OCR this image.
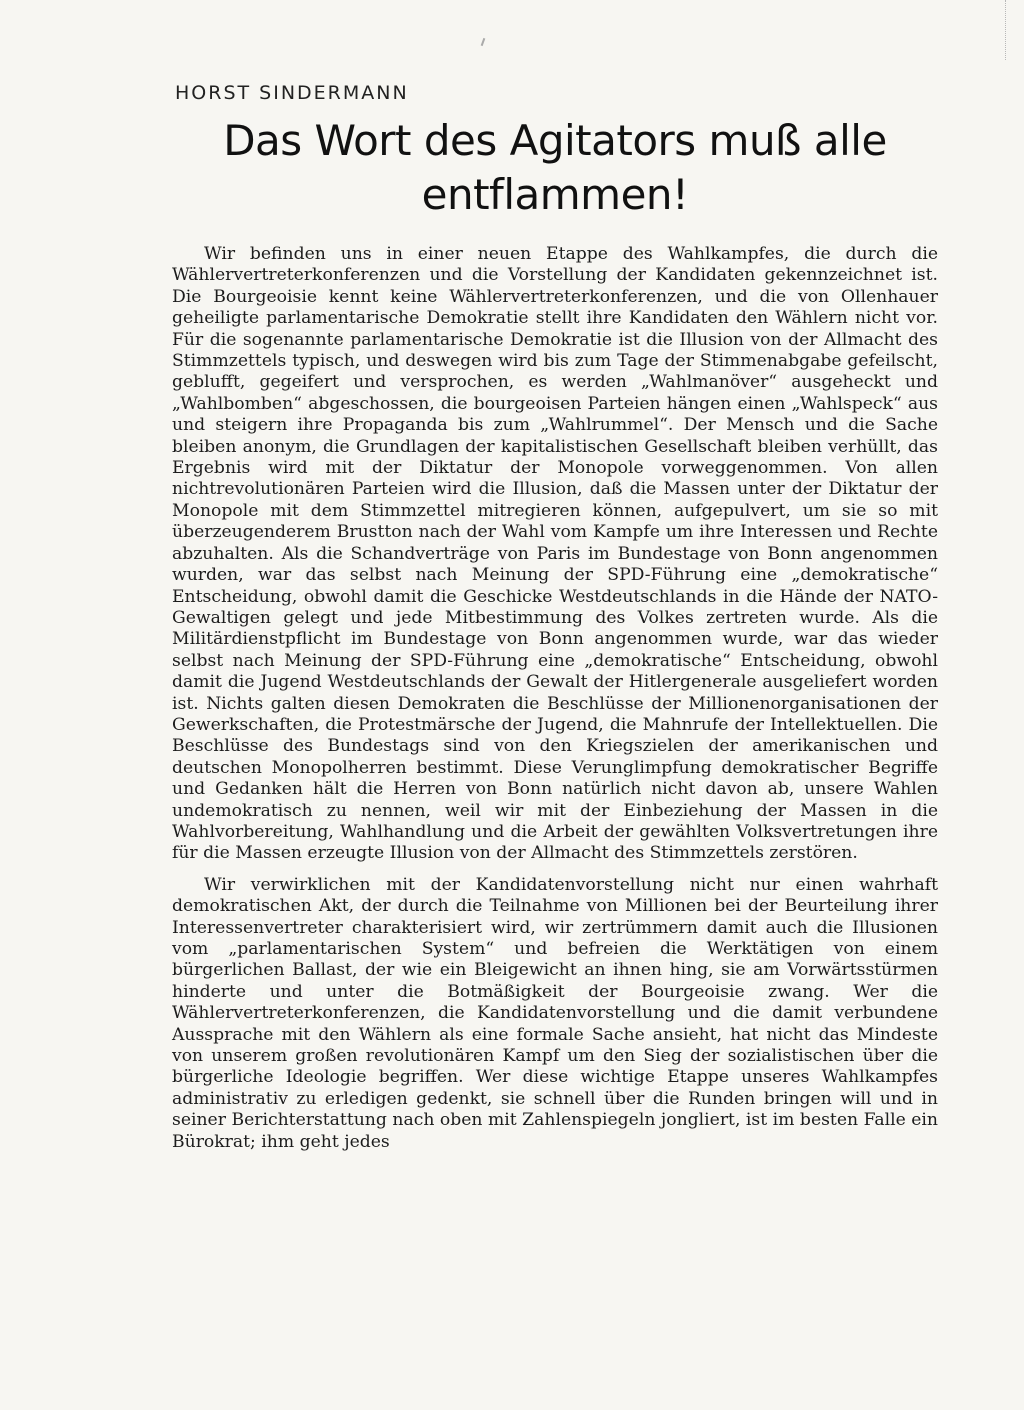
HORST SINDERMANN
Das Wort des Agitators muß alle entflammen!

Wir befinden uns in einer neuen Etappe des Wahlkampfes, die durch die Wählervertreterkonferenzen und die Vorstellung der Kandidaten gekennzeichnet ist. Die Bourgeoisie kennt keine Wählervertreterkonferenzen, und die von Ollenhauer geheiligte parlamentarische Demokratie stellt ihre Kandidaten den Wählern nicht vor. Für die sogenannte parlamentarische Demokratie ist die Illusion von der Allmacht des Stimmzettels typisch, und deswegen wird bis zum Tage der Stimmenabgabe gefeilscht, geblufft, gegeifert und versprochen, es werden „Wahlmanöver“ ausgeheckt und „Wahlbomben“ abgeschossen, die bourgeoisen Parteien hängen einen „Wahlspeck“ aus und steigern ihre Propaganda bis zum „Wahlrummel“. Der Mensch und die Sache bleiben anonym, die Grundlagen der kapitalistischen Gesellschaft bleiben verhüllt, das Ergebnis wird mit der Diktatur der Monopole vorweggenommen. Von allen nichtrevolutionären Parteien wird die Illusion, daß die Massen unter der Diktatur der Monopole mit dem Stimmzettel mitregieren können, aufgepulvert, um sie so mit überzeugenderem Brustton nach der Wahl vom Kampfe um ihre Interessen und Rechte abzuhalten. Als die Schandverträge von Paris im Bundestage von Bonn angenommen wurden, war das selbst nach Meinung der SPD-Führung eine „demokratische“ Entscheidung, obwohl damit die Geschicke Westdeutschlands in die Hände der NATO-Gewaltigen gelegt und jede Mitbestimmung des Volkes zertreten wurde. Als die Militärdienstpflicht im Bundestage von Bonn angenommen wurde, war das wieder selbst nach Meinung der SPD-Führung eine „demokratische“ Entscheidung, obwohl damit die Jugend Westdeutschlands der Gewalt der Hitlergenerale ausgeliefert worden ist. Nichts galten diesen Demokraten die Beschlüsse der Millionenorganisationen der Gewerkschaften, die Protestmärsche der Jugend, die Mahnrufe der Intellektuellen. Die Beschlüsse des Bundestags sind von den Kriegszielen der amerikanischen und deutschen Monopolherren bestimmt. Diese Verunglimpfung demokratischer Begriffe und Gedanken hält die Herren von Bonn natürlich nicht davon ab, unsere Wahlen undemokratisch zu nennen, weil wir mit der Einbeziehung der Massen in die Wahlvorbereitung, Wahlhandlung und die Arbeit der gewählten Volksvertretungen ihre für die Massen erzeugte Illusion von der Allmacht des Stimmzettels zerstören.

Wir verwirklichen mit der Kandidatenvorstellung nicht nur einen wahrhaft demokratischen Akt, der durch die Teilnahme von Millionen bei der Beurteilung ihrer Interessenvertreter charakterisiert wird, wir zertrümmern damit auch die Illusionen vom „parlamentarischen System“ und befreien die Werktätigen von einem bürgerlichen Ballast, der wie ein Bleigewicht an ihnen hing, sie am Vorwärtsstürmen hinderte und unter die Botmäßigkeit der Bourgeoisie zwang. Wer die Wählervertreterkonferenzen, die Kandidatenvorstellung und die damit verbundene Aussprache mit den Wählern als eine formale Sache ansieht, hat nicht das Mindeste von unserem großen revolutionären Kampf um den Sieg der sozialistischen über die bürgerliche Ideologie begriffen. Wer diese wichtige Etappe unseres Wahlkampfes administrativ zu erledigen gedenkt, sie schnell über die Runden bringen will und in seiner Berichterstattung nach oben mit Zahlenspiegeln jongliert, ist im besten Falle ein Bürokrat; ihm geht jedes
